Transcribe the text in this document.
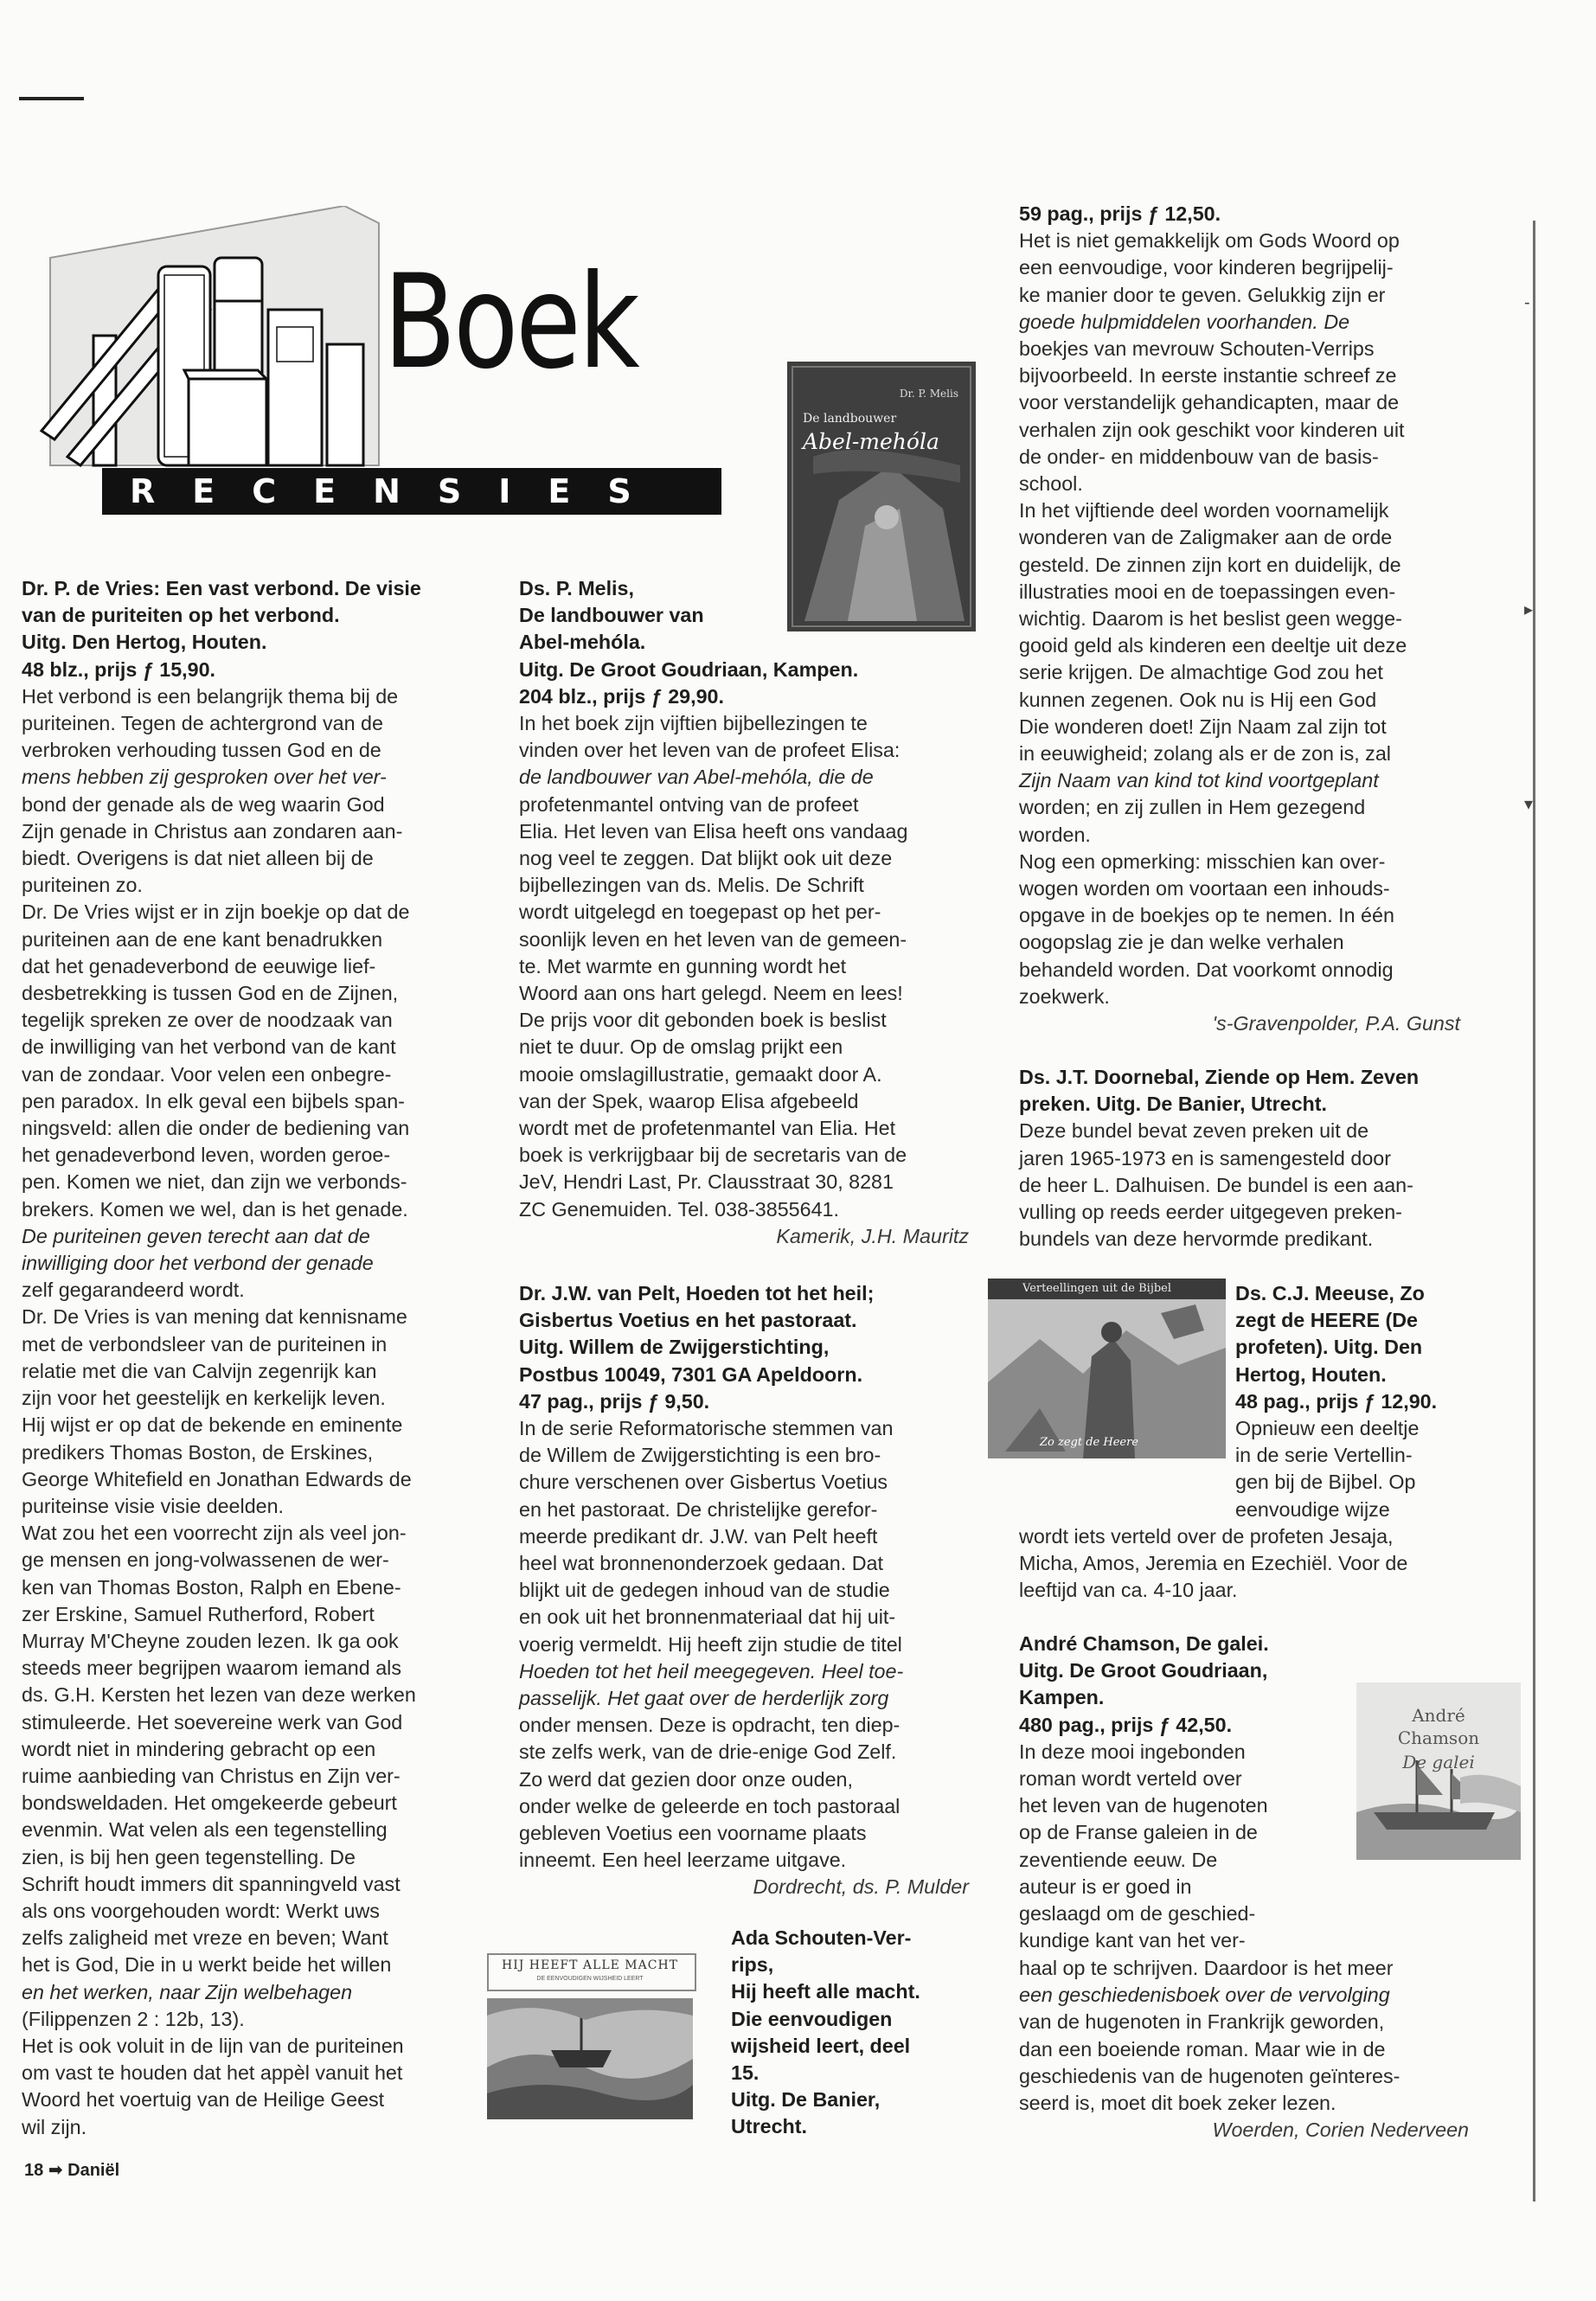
-
▸
▾
Boek
RECENSIES
Dr. P. Melis
De landbouwer
Abel-mehóla
Verteellingen uit de Bijbel
Zo zegt de Heere
HIJ HEEFT ALLE MACHT
DE EENVOUDIGEN WIJSHEID LEERT
André
Chamson
De galei

Dr. P. de Vries: Een vast verbond. De visie

van de puriteiten op het verbond.

Uitg. Den Hertog, Houten.

48 blz., prijs ƒ 15,90.

Het verbond is een belangrijk thema bij de

puriteinen. Tegen de achtergrond van de

verbroken verhouding tussen God en de

mens hebben zij gesproken over het ver-

bond der genade als de weg waarin God

Zijn genade in Christus aan zondaren aan-

biedt. Overigens is dat niet alleen bij de

puriteinen zo.

Dr. De Vries wijst er in zijn boekje op dat de

puriteinen aan de ene kant benadrukken

dat het genadeverbond de eeuwige lief-

desbetrekking is tussen God en de Zijnen,

tegelijk spreken ze over de noodzaak van

de inwilliging van het verbond van de kant

van de zondaar. Voor velen een onbegre-

pen paradox. In elk geval een bijbels span-

ningsveld: allen die onder de bediening van

het genadeverbond leven, worden geroe-

pen. Komen we niet, dan zijn we verbonds-

brekers. Komen we wel, dan is het genade.

De puriteinen geven terecht aan dat de

inwilliging door het verbond der genade

zelf gegarandeerd wordt.

Dr. De Vries is van mening dat kennisname

met de verbondsleer van de puriteinen in

relatie met die van Calvijn zegenrijk kan

zijn voor het geestelijk en kerkelijk leven.

Hij wijst er op dat de bekende en eminente

predikers Thomas Boston, de Erskines,

George Whitefield en Jonathan Edwards de

puriteinse visie visie deelden.

Wat zou het een voorrecht zijn als veel jon-

ge mensen en jong-volwassenen de wer-

ken van Thomas Boston, Ralph en Ebene-

zer Erskine, Samuel Rutherford, Robert

Murray M'Cheyne zouden lezen. Ik ga ook

steeds meer begrijpen waarom iemand als

ds. G.H. Kersten het lezen van deze werken

stimuleerde. Het soevereine werk van God

wordt niet in mindering gebracht op een

ruime aanbieding van Christus en Zijn ver-

bondsweldaden. Het omgekeerde gebeurt

evenmin. Wat velen als een tegenstelling

zien, is bij hen geen tegenstelling. De

Schrift houdt immers dit spanningveld vast

als ons voorgehouden wordt: Werkt uws

zelfs zaligheid met vreze en beven; Want

het is God, Die in u werkt beide het willen

en het werken, naar Zijn welbehagen

(Filippenzen 2 : 12b, 13).

Het is ook voluit in de lijn van de puriteinen

om vast te houden dat het appèl vanuit het

Woord het voertuig van de Heilige Geest

wil zijn.

Ds. P. Melis,

De landbouwer van

Abel-mehóla.

Uitg. De Groot Goudriaan, Kampen.

204 blz., prijs ƒ 29,90.

In het boek zijn vijftien bijbellezingen te

vinden over het leven van de profeet Elisa:

de landbouwer van Abel-mehóla, die de

profetenmantel ontving van de profeet

Elia. Het leven van Elisa heeft ons vandaag

nog veel te zeggen. Dat blijkt ook uit deze

bijbellezingen van ds. Melis. De Schrift

wordt uitgelegd en toegepast op het per-

soonlijk leven en het leven van de gemeen-

te. Met warmte en gunning wordt het

Woord aan ons hart gelegd. Neem en lees!

De prijs voor dit gebonden boek is beslist

niet te duur. Op de omslag prijkt een

mooie omslagillustratie, gemaakt door A.

van der Spek, waarop Elisa afgebeeld

wordt met de profetenmantel van Elia. Het

boek is verkrijgbaar bij de secretaris van de

JeV, Hendri Last, Pr. Clausstraat 30, 8281

ZC Genemuiden. Tel. 038-3855641.

Kamerik, J.H. Mauritz

Dr. J.W. van Pelt, Hoeden tot het heil;

Gisbertus Voetius en het pastoraat.

Uitg. Willem de Zwijgerstichting,

Postbus 10049, 7301 GA Apeldoorn.

47 pag., prijs ƒ 9,50.

In de serie Reformatorische stemmen van

de Willem de Zwijgerstichting is een bro-

chure verschenen over Gisbertus Voetius

en het pastoraat. De christelijke gerefor-

meerde predikant dr. J.W. van Pelt heeft

heel wat bronnenonderzoek gedaan. Dat

blijkt uit de gedegen inhoud van de studie

en ook uit het bronnenmateriaal dat hij uit-

voerig vermeldt. Hij heeft zijn studie de titel

Hoeden tot het heil meegegeven. Heel toe-

passelijk. Het gaat over de herderlijk zorg

onder mensen. Deze is opdracht, ten diep-

ste zelfs werk, van de drie-enige God Zelf.

Zo werd dat gezien door onze ouden,

onder welke de geleerde en toch pastoraal

gebleven Voetius een voorname plaats

inneemt. Een heel leerzame uitgave.

Dordrecht, ds. P. Mulder

Ada Schouten-Ver-

rips,

Hij heeft alle macht.

Die eenvoudigen

wijsheid leert, deel

15.

Uitg. De Banier,

Utrecht.

59 pag., prijs ƒ 12,50.

Het is niet gemakkelijk om Gods Woord op

een eenvoudige, voor kinderen begrijpelij-

ke manier door te geven. Gelukkig zijn er

goede hulpmiddelen voorhanden. De

boekjes van mevrouw Schouten-Verrips

bijvoorbeeld. In eerste instantie schreef ze

voor verstandelijk gehandicapten, maar de

verhalen zijn ook geschikt voor kinderen uit

de onder- en middenbouw van de basis-

school.

In het vijftiende deel worden voornamelijk

wonderen van de Zaligmaker aan de orde

gesteld. De zinnen zijn kort en duidelijk, de

illustraties mooi en de toepassingen even-

wichtig. Daarom is het beslist geen wegge-

gooid geld als kinderen een deeltje uit deze

serie krijgen. De almachtige God zou het

kunnen zegenen. Ook nu is Hij een God

Die wonderen doet! Zijn Naam zal zijn tot

in eeuwigheid; zolang als er de zon is, zal

Zijn Naam van kind tot kind voortgeplant

worden; en zij zullen in Hem gezegend

worden.

Nog een opmerking: misschien kan over-

wogen worden om voortaan een inhouds-

opgave in de boekjes op te nemen. In één

oogopslag zie je dan welke verhalen

behandeld worden. Dat voorkomt onnodig

zoekwerk.

's-Gravenpolder, P.A. Gunst

Ds. J.T. Doornebal, Ziende op Hem. Zeven

preken. Uitg. De Banier, Utrecht.

Deze bundel bevat zeven preken uit de

jaren 1965-1973 en is samengesteld door

de heer L. Dalhuisen. De bundel is een aan-

vulling op reeds eerder uitgegeven preken-

bundels van deze hervormde predikant.

Ds. C.J. Meeuse, Zo

zegt de HEERE (De

profeten). Uitg. Den

Hertog, Houten.

48 pag., prijs ƒ 12,90.

Opnieuw een deeltje

in de serie Vertellin-

gen bij de Bijbel. Op

eenvoudige wijze

wordt iets verteld over de profeten Jesaja,

Micha, Amos, Jeremia en Ezechiël. Voor de

leeftijd van ca. 4-10 jaar.

André Chamson, De galei.

Uitg. De Groot Goudriaan,

Kampen.

480 pag., prijs ƒ 42,50.

In deze mooi ingebonden

roman wordt verteld over

het leven van de hugenoten

op de Franse galeien in de

zeventiende eeuw. De

auteur is er goed in

geslaagd om de geschied-

kundige kant van het ver-

haal op te schrijven. Daardoor is het meer

een geschiedenisboek over de vervolging

van de hugenoten in Frankrijk geworden,

dan een boeiende roman. Maar wie in de

geschiedenis van de hugenoten geïnteres-

seerd is, moet dit boek zeker lezen.

Woerden, Corien Nederveen

18 ➡ Daniël
